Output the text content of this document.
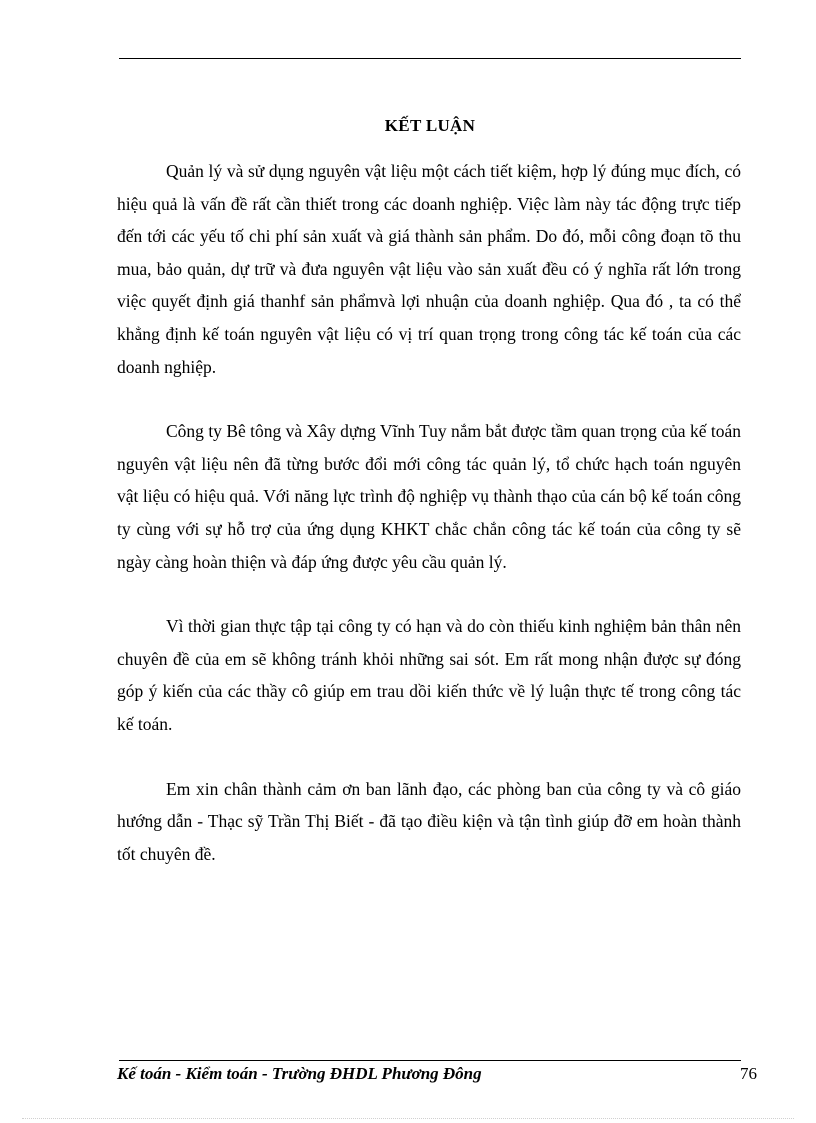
KẾT LUẬN

Quản lý và sử dụng nguyên vật liệu một cách tiết kiệm, hợp lý đúng mục đích, có hiệu quả là vấn đề rất cần thiết trong các doanh nghiệp. Việc làm này tác động trực tiếp đến tới các yếu tố chi phí sản xuất và giá thành sản phẩm. Do đó, mỗi công đoạn tõ thu mua, bảo quản, dự trữ và đưa nguyên vật liệu vào sản xuất đều có ý nghĩa rất lớn trong việc quyết định giá thanhf sản phẩmvà lợi nhuận của doanh nghiệp. Qua đó , ta có thể khẳng định kế toán nguyên vật liệu có vị trí quan trọng trong công tác kế toán của các doanh nghiệp.

Công ty Bê tông và Xây dựng Vĩnh Tuy nắm bắt được tầm quan trọng của kế toán nguyên vật liệu nên đã từng bước đổi mới công tác quản lý, tổ chức hạch toán nguyên vật liệu có hiệu quả. Với năng lực trình độ nghiệp vụ thành thạo của cán bộ kế toán công ty cùng với sự hỗ trợ của ứng dụng KHKT chắc chắn công tác kế toán của công ty sẽ ngày càng hoàn thiện và đáp ứng được yêu cầu quản lý.

Vì thời gian thực tập tại công ty có hạn và do còn thiếu kinh nghiệm bản thân nên chuyên đề của em sẽ không tránh khỏi những sai sót. Em rất mong nhận được sự đóng góp ý kiến của các thầy cô giúp em trau dồi kiến thức về lý luận thực tế trong công tác kế toán.

Em xin chân thành cảm ơn ban lãnh đạo, các phòng ban của công ty và cô giáo hướng dẫn - Thạc sỹ Trần Thị Biết - đã tạo điều kiện và tận tình giúp đỡ em hoàn thành tốt chuyên đề.

Kế toán - Kiểm toán - Trường ĐHDL Phương Đông	76
